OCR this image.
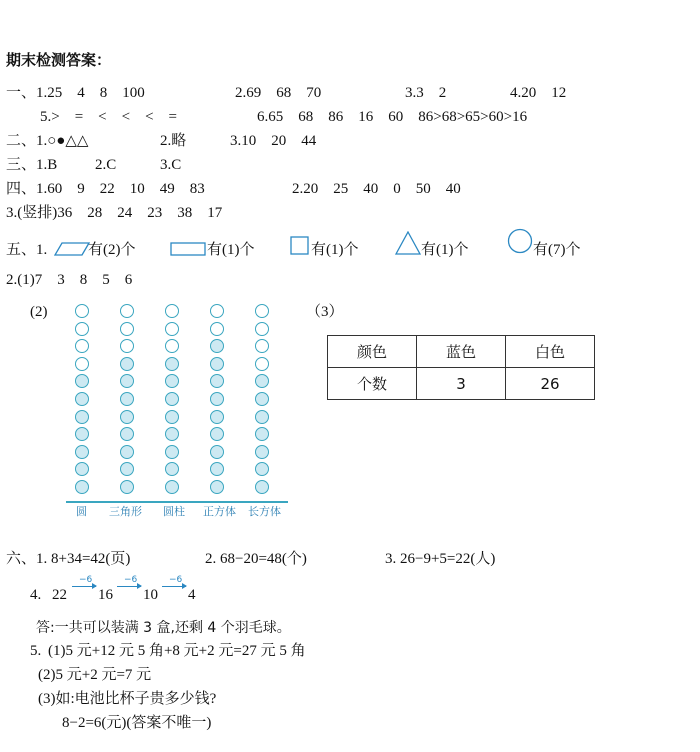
期末检测答案：
一、1.25　4　8　100	2.69　68　70	3.3　2	4.20　12
5.>　=　<　<　<　=	6.65　68　86　16　60　86>68>65>60>16
二、1.○●△△	2.略	3.10　20　44
三、1.B	2.C	3.C
四、1.60　9　22　10　49　83	2.20　25　40　0　50　40
3.(竖排)36　28　24　23　38　17
五、1.	有(2)个	有(1)个	有(1)个	有(1)个	有(7)个
2.(1)7　3　8　5　6
(2)	（3）
圆 三角形 圆柱 正方体 长方体
颜色	蓝色	白色
个数	3	26
六、1. 8+34=42(页)	2. 68−20=48(个)	3. 26−9+5=22(人)
4. 22
−6
16
−6
10
−6
4
答:一共可以装满 3 盒,还剩 4 个羽毛球。
5. (1)5 元+12 元 5 角+8 元+2 元=27 元 5 角
(2)5 元+2 元=7 元
(3)如:电池比杯子贵多少钱?
8−2=6(元)(答案不唯一)
